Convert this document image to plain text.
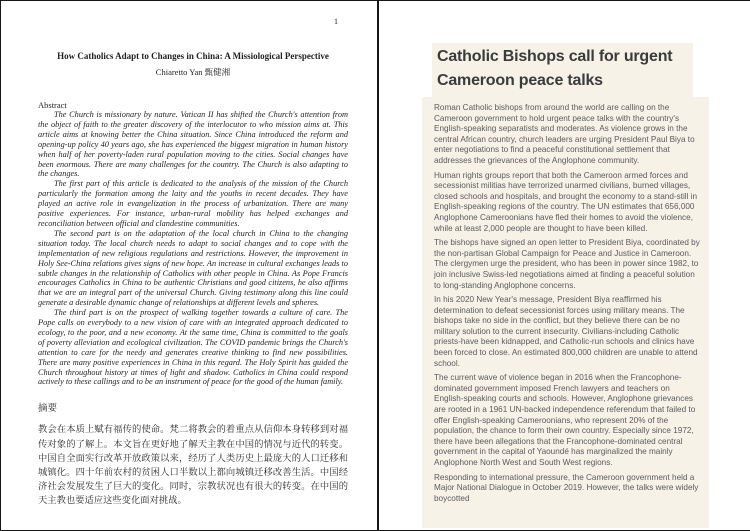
1
How Catholics Adapt to Changes in China: A Missiological Perspective
Chiaretto Yan 甄健湘
Abstract

The Church is missionary by nature. Vatican II has shifted the Church's attention from the object of faith to the greater discovery of the interlocutor to who mission aims at. This article aims at knowing better the China situation. Since China introduced the reform and opening-up policy 40 years ago, she has experienced the biggest migration in human history when half of her poverty-laden rural population moving to the cities. Social changes have been enormous. There are many challenges for the country. The Church is also adapting to the changes.

The first part of this article is dedicated to the analysis of the mission of the Church particularly the formation among the laity and the youths in recent decades. They have played an active role in evangelization in the process of urbanization. There are many positive experiences. For instance, urban-rural mobility has helped exchanges and reconciliation between official and clandestine communities.

The second part is on the adaptation of the local church in China to the changing situation today. The local church needs to adapt to social changes and to cope with the implementation of new religious regulations and restrictions. However, the improvement in Holy See-China relations gives signs of new hope. An increase in cultural exchanges leads to subtle changes in the relationship of Catholics with other people in China. As Pope Francis encourages Catholics in China to be authentic Christians and good citizens, he also affirms that we are an integral part of the universal Church. Giving testimony along this line could generate a desirable dynamic change of relationships at different levels and spheres.

The third part is on the prospect of walking together towards a culture of care. The Pope calls on everybody to a new vision of care with an integrated approach dedicated to ecology, to the poor, and a new economy. At the same time, China is committed to the goals of poverty alleviation and ecological civilization. The COVID pandemic brings the Church's attention to care for the needy and generates creative thinking to find new possibilities. There are many positive experiences in China in this regard. The Holy Spirit has guided the Church throughout history at times of light and shadow. Catholics in China could respond actively to these callings and to be an instrument of peace for the good of the human family.

摘要
教会在本质上赋有福传的使命。梵二将教会的着重点从信仰本身转移到对福传对象的了解上。本文旨在更好地了解天主教在中国的情况与近代的转变。中国自全面实行改革开放政策以来，经历了人类历史上最庞大的人口迁移和城镇化。四十年前农村的贫困人口半数以上都向城镇迁移改善生活。中国经济社会发展发生了巨大的变化。同时，宗教状况也有很大的转变。在中国的天主教也要适应这些变化面对挑战。
Catholic Bishops call for urgent Cameroon peace talks

Roman Catholic bishops from around the world are calling on the Cameroon government to hold urgent peace talks with the country's English-speaking separatists and moderates. As violence grows in the central African country, church leaders are urging President Paul Biya to enter negotiations to find a peaceful constitutional settlement that addresses the grievances of the Anglophone community.

Human rights groups report that both the Cameroon armed forces and secessionist militias have terrorized unarmed civilians, burned villages, closed schools and hospitals, and brought the economy to a stand-still in English-speaking regions of the country. The UN estimates that 656,000 Anglophone Cameroonians have fled their homes to avoid the violence, while at least 2,000 people are thought to have been killed.

The bishops have signed an open letter to President Biya, coordinated by the non-partisan Global Campaign for Peace and Justice in Cameroon. The clergymen urge the president, who has been in power since 1982, to join inclusive Swiss-led negotiations aimed at finding a peaceful solution to long-standing Anglophone concerns.

In his 2020 New Year's message, President Biya reaffirmed his determination to defeat secessionist forces using military means. The bishops take no side in the conflict, but they believe there can be no military solution to the current insecurity. Civilians-including Catholic priests-have been kidnapped, and Catholic-run schools and clinics have been forced to close. An estimated 800,000 children are unable to attend school.

The current wave of violence began in 2016 when the Francophone-dominated government imposed French lawyers and teachers on English-speaking courts and schools. However, Anglophone grievances are rooted in a 1961 UN-backed independence referendum that failed to offer English-speaking Cameroonians, who represent 20% of the population, the chance to form their own country. Especially since 1972, there have been allegations that the Francophone-dominated central government in the capital of Yaoundé has marginalized the mainly Anglophone North West and South West regions.

Responding to international pressure, the Cameroon government held a Major National Dialogue in October 2019. However, the talks were widely boycotted
